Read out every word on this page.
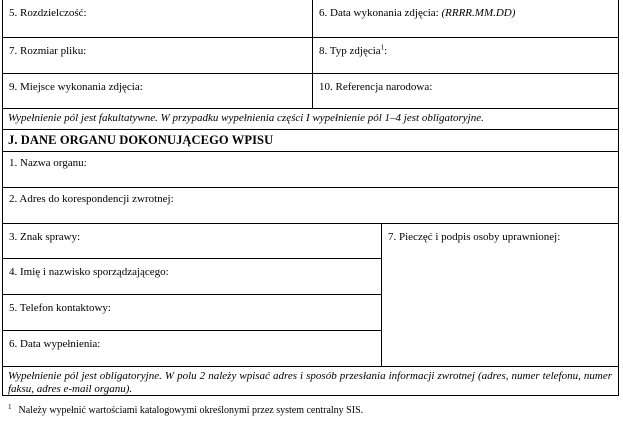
5. Rozdzielczość:	6. Data wykonania zdjęcia: (RRRR.MM.DD)
7. Rozmiar pliku:	8. Typ zdjęcia$^1$:
9. Miejsce wykonania zdjęcia:	10. Referencja narodowa:
Wypełnienie pól jest fakultatywne. W przypadku wypełnienia części I wypełnienie pól 1–4 jest obligatoryjne.
J. DANE ORGANU DOKONUJĄCEGO WPISU
1. Nazwa organu:
2. Adres do korespondencji zwrotnej:
3. Znak sprawy:
4. Imię i nazwisko sporządzającego:
5. Telefon kontaktowy:
6. Data wypełnienia:
7. Pieczęć i podpis osoby uprawnionej:
Wypełnienie pól jest obligatoryjne. W polu 2 należy wpisać adres i sposób przesłania informacji zwrotnej (adres, numer telefonu, numer faksu, adres e-mail organu).
$^1$ Należy wypełnić wartościami katalogowymi określonymi przez system centralny SIS.
